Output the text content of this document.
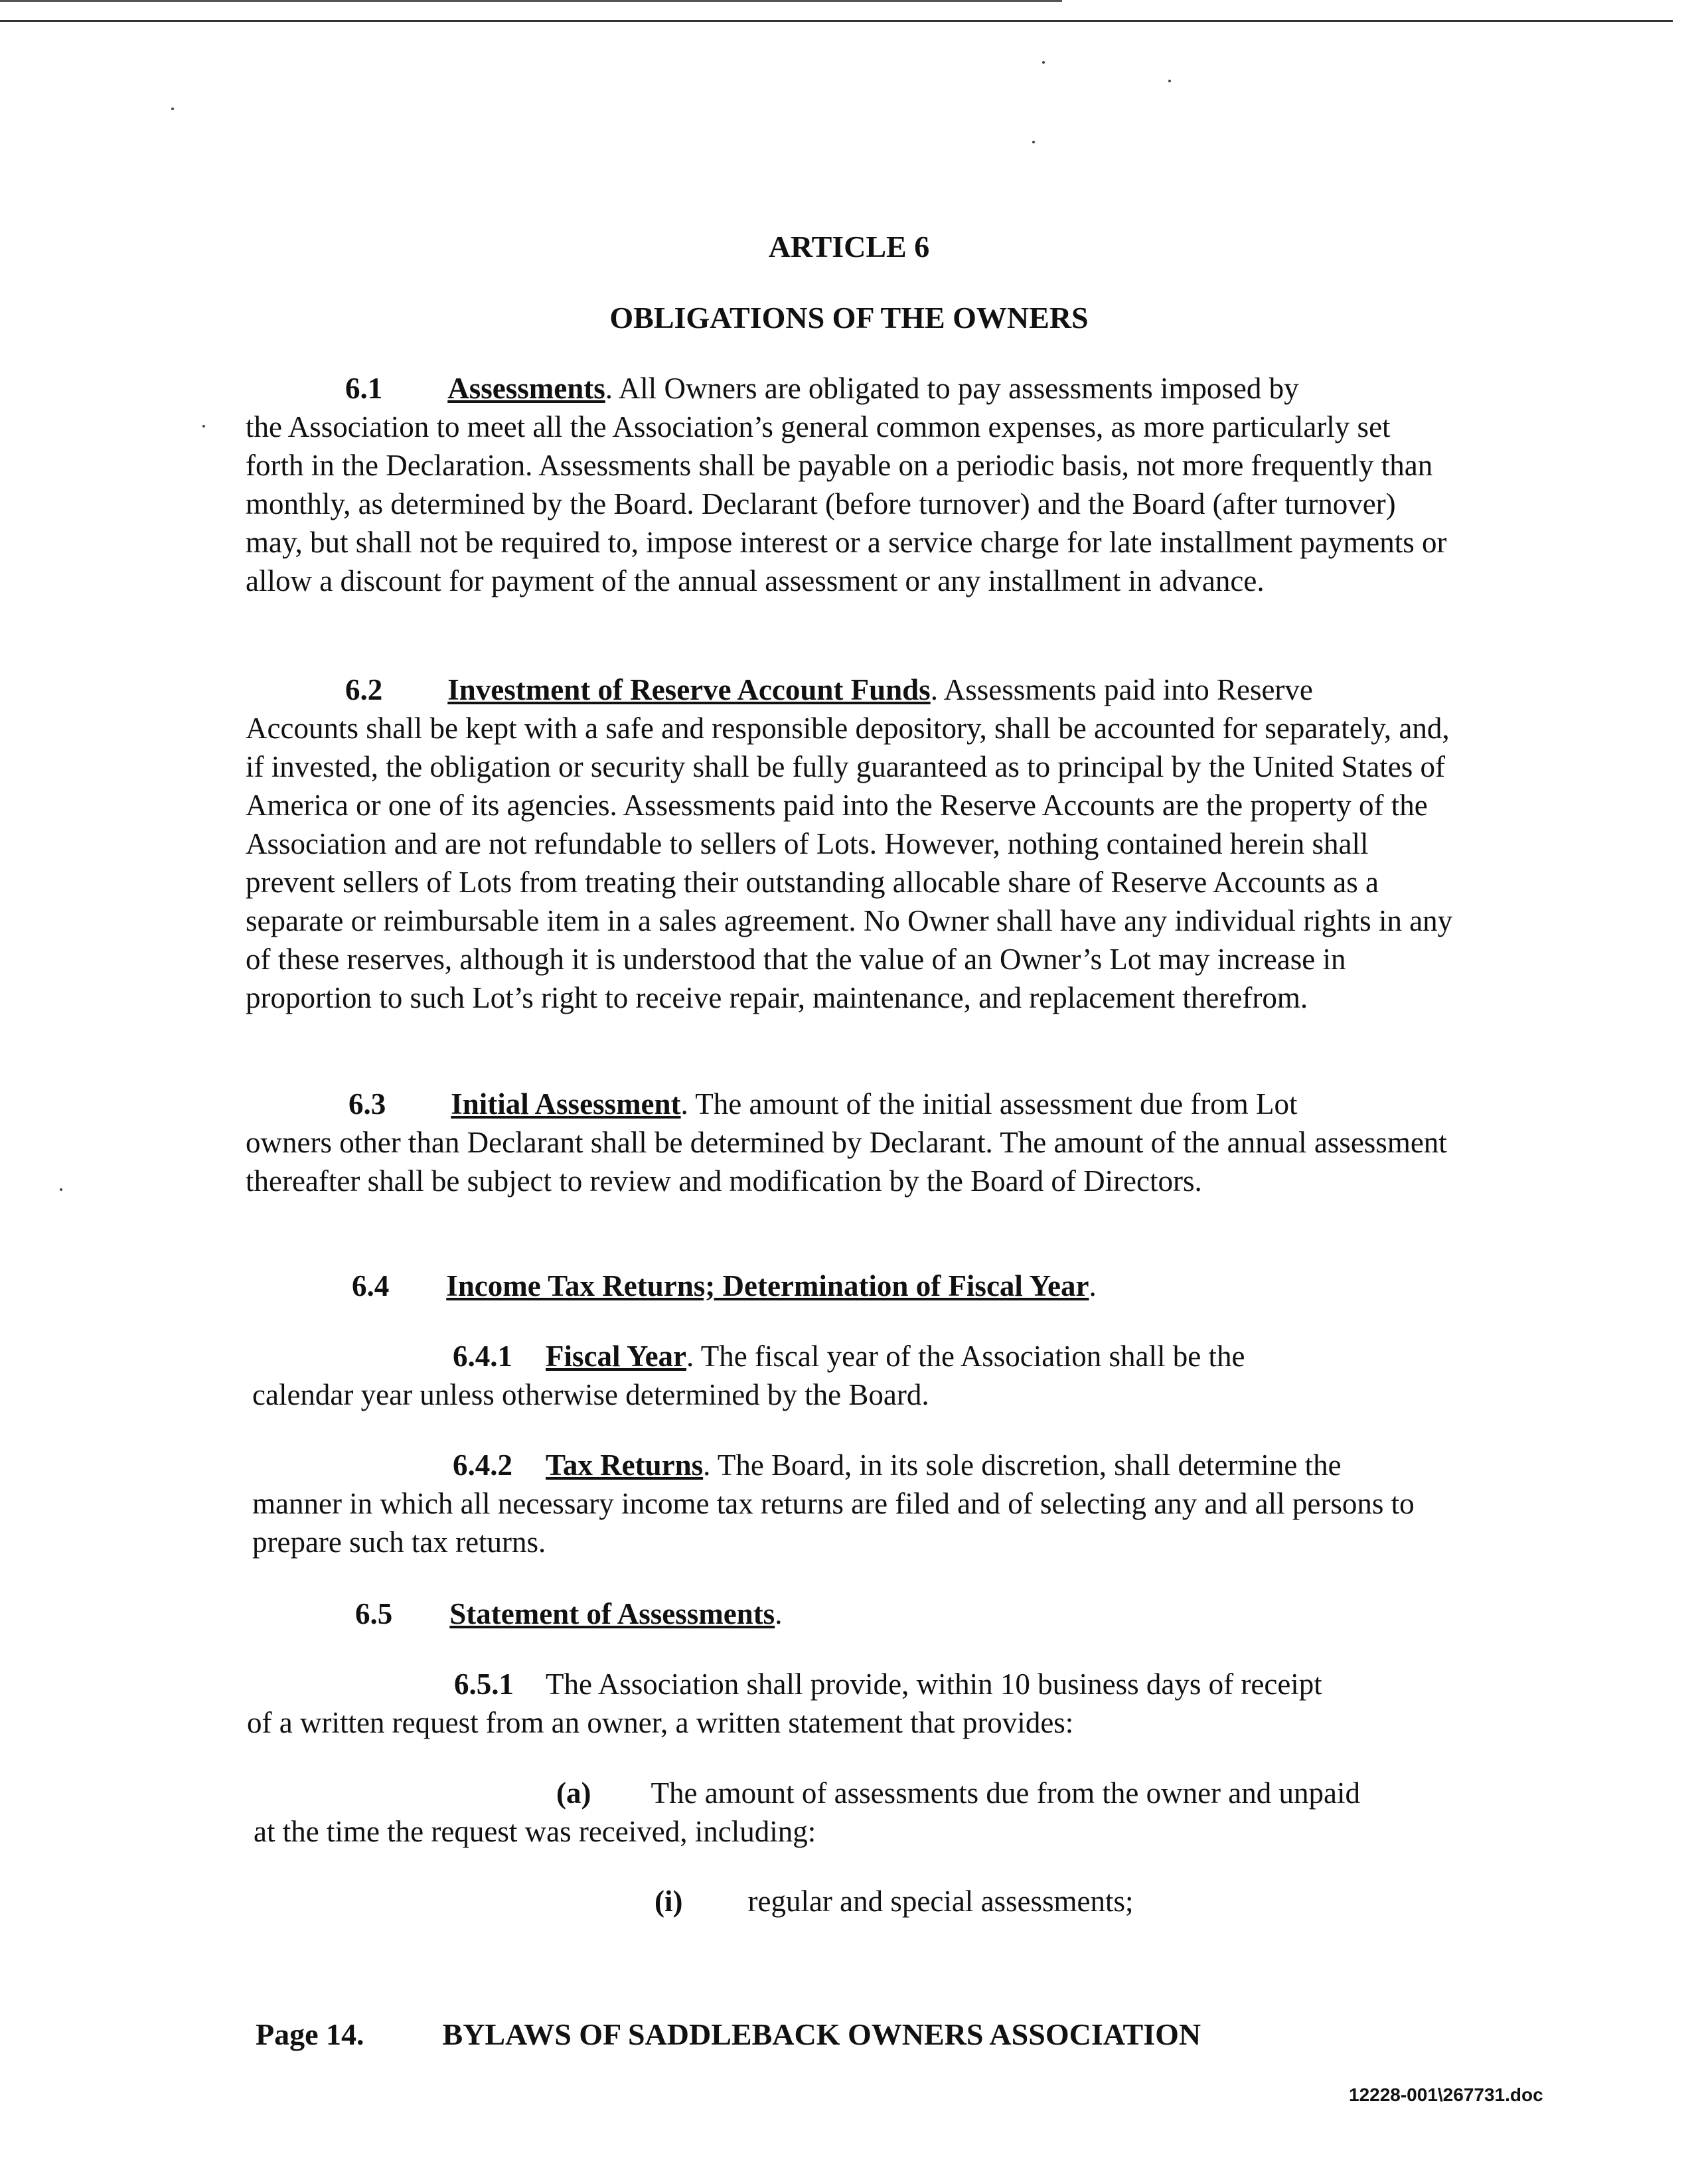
ARTICLE 6
OBLIGATIONS OF THE OWNERS
6.1 Assessments. All Owners are obligated to pay assessments imposed by
the Association to meet all the Association’s general common expenses, as more particularly set forth in the Declaration. Assessments shall be payable on a periodic basis, not more frequently than monthly, as determined by the Board. Declarant (before turnover) and the Board (after turnover) may, but shall not be required to, impose interest or a service charge for late installment payments or allow a discount for payment of the annual assessment or any installment in advance.
6.2 Investment of Reserve Account Funds. Assessments paid into Reserve
Accounts shall be kept with a safe and responsible depository, shall be accounted for separately, and, if invested, the obligation or security shall be fully guaranteed as to principal by the United States of America or one of its agencies. Assessments paid into the Reserve Accounts are the property of the Association and are not refundable to sellers of Lots. However, nothing contained herein shall prevent sellers of Lots from treating their outstanding allocable share of Reserve Accounts as a separate or reimbursable item in a sales agreement. No Owner shall have any individual rights in any of these reserves, although it is understood that the value of an Owner’s Lot may increase in proportion to such Lot’s right to receive repair, maintenance, and replacement therefrom.
6.3 Initial Assessment. The amount of the initial assessment due from Lot
owners other than Declarant shall be determined by Declarant. The amount of the annual assessment thereafter shall be subject to review and modification by the Board of Directors.
6.4 Income Tax Returns; Determination of Fiscal Year.
6.4.1 Fiscal Year. The fiscal year of the Association shall be the
calendar year unless otherwise determined by the Board.
6.4.2 Tax Returns. The Board, in its sole discretion, shall determine the
manner in which all necessary income tax returns are filed and of selecting any and all persons to prepare such tax returns.
6.5 Statement of Assessments.
6.5.1 The Association shall provide, within 10 business days of receipt
of a written request from an owner, a written statement that provides:
(a) The amount of assessments due from the owner and unpaid
at the time the request was received, including:
(i) regular and special assessments;
Page 14.	BYLAWS OF SADDLEBACK OWNERS ASSOCIATION
12228-001\267731.doc
